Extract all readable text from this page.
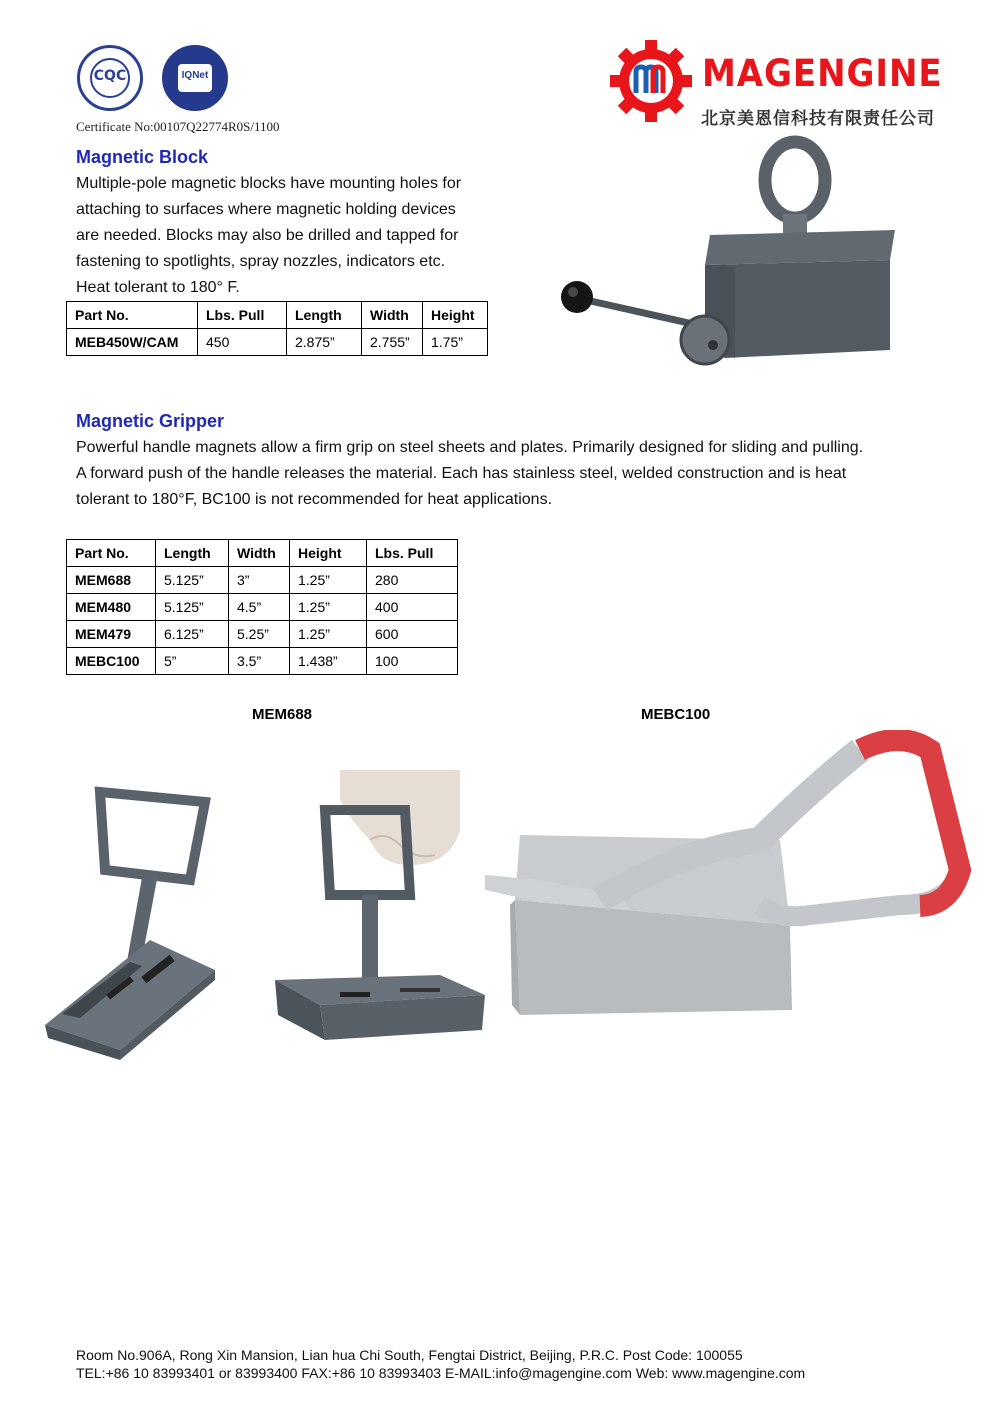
CQC	IQNet
Certificate No:00107Q22774R0S/1100
MAGENGINE
北京美恩信科技有限责任公司
Magnetic Block

Multiple-pole magnetic blocks have mounting holes for

attaching to surfaces where magnetic holding devices

are needed. Blocks may also be drilled and tapped for

fastening to spotlights, spray nozzles, indicators etc.

Heat tolerant to 180° F.

Part No.	Lbs. Pull	Length	Width	Height
MEB450W/CAM	450	2.875”	2.755”	1.75”
Magnetic Gripper

Powerful handle magnets allow a firm grip on steel sheets and plates. Primarily designed for sliding and pulling.

A forward push of the handle releases the material. Each has stainless steel, welded construction and is heat

tolerant to 180°F, BC100 is not recommended for heat applications.

Part No.	Length	Width	Height	Lbs. Pull
MEM688	5.125”	3”	1.25”	280
MEM480	5.125”	4.5”	1.25”	400
MEM479	6.125”	5.25”	1.25”	600
MEBC100	5”	3.5”	1.438”	100
MEM688	MEBC100
Room No.906A, Rong Xin Mansion, Lian hua Chi South, Fengtai District, Beijing, P.R.C. Post Code: 100055
TEL:+86 10 83993401 or 83993400 FAX:+86 10 83993403 E-MAIL:info@magengine.com Web: www.magengine.com
